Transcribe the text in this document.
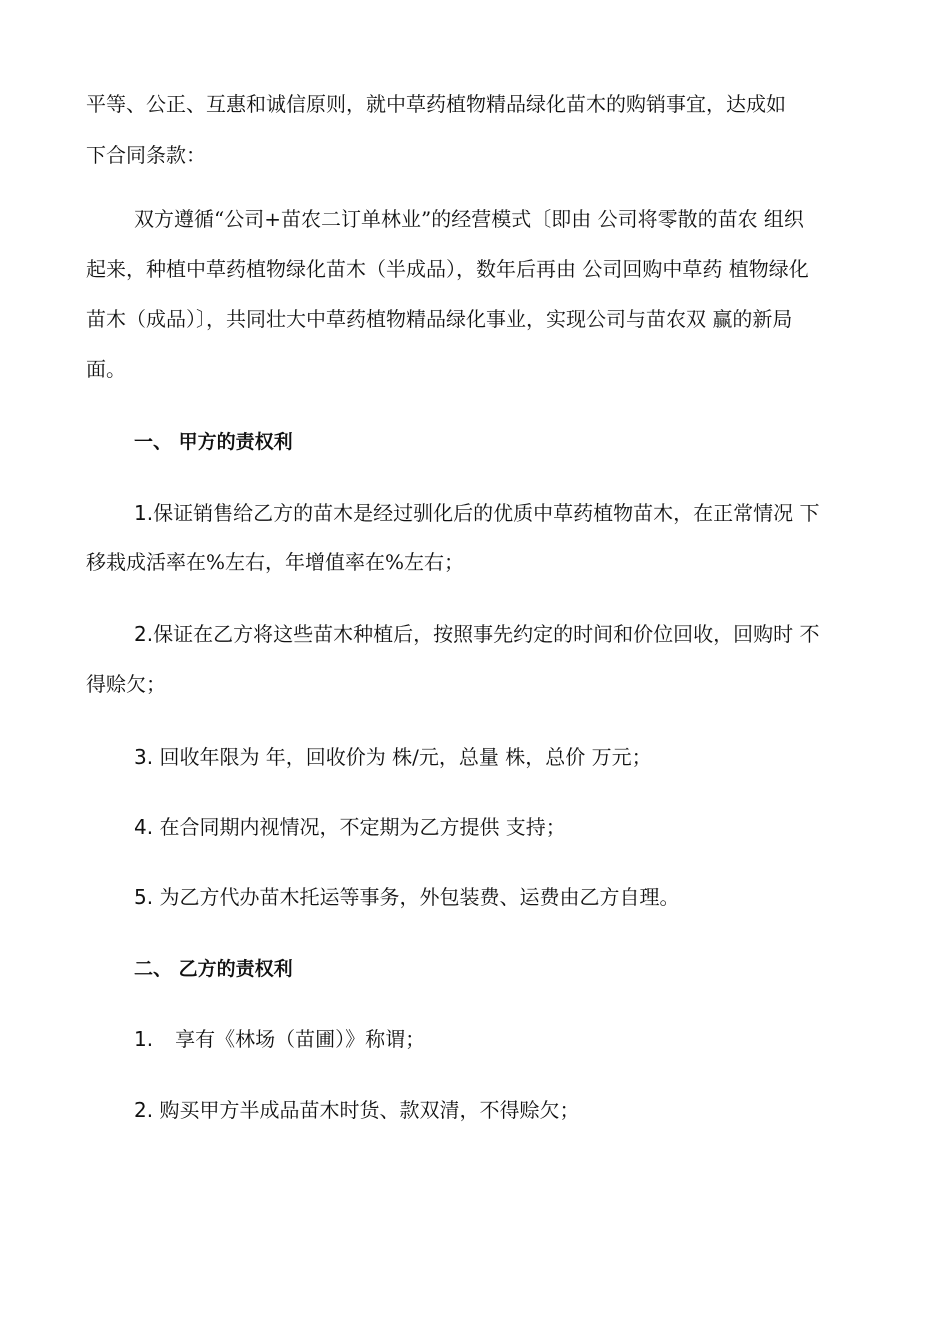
平等、公正、互惠和诚信原则，就中草药植物精品绿化苗木的购销事宜，达成如

下合同条款：

双方遵循“公司+苗农二订单林业”的经营模式〔即由 公司将零散的苗农 组织

起来，种植中草药植物绿化苗木（半成品），数年后再由 公司回购中草药 植物绿化

苗木（成品）〕，共同壮大中草药植物精品绿化事业，实现公司与苗农双 赢的新局

面。

一、 甲方的责权利

1.保证销售给乙方的苗木是经过驯化后的优质中草药植物苗木，在正常情况 下

移栽成活率在%左右，年增值率在%左右；

2.保证在乙方将这些苗木种植后，按照事先约定的时间和价位回收，回购时 不

得赊欠；

3. 回收年限为 年，回收价为 株/元，总量 株，总价 万元；

4. 在合同期内视情况，不定期为乙方提供 支持；

5. 为乙方代办苗木托运等事务，外包装费、运费由乙方自理。

二、 乙方的责权利

1. 享有《林场（苗圃）》称谓；

2. 购买甲方半成品苗木时货、款双清，不得赊欠；
